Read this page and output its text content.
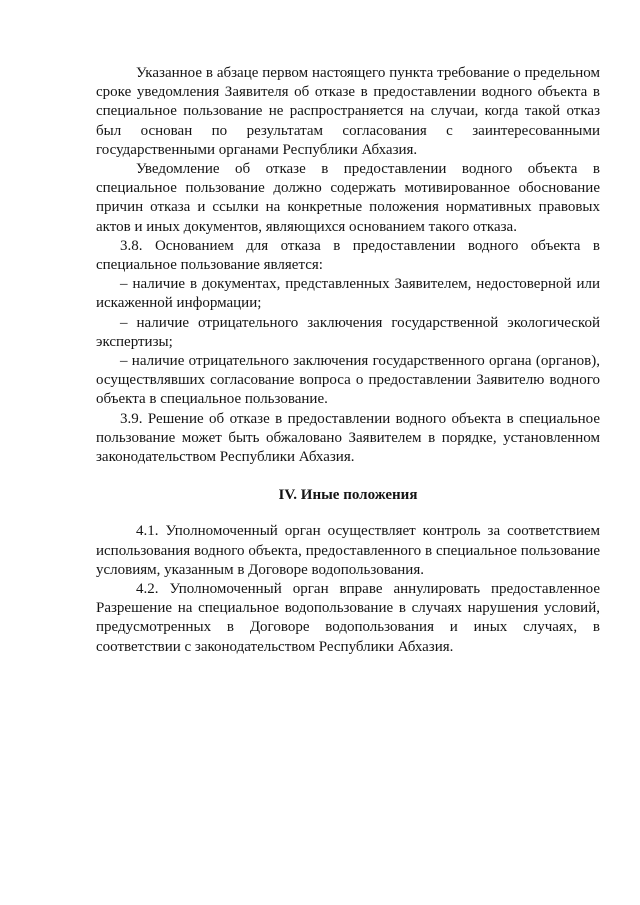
Указанное в абзаце первом настоящего пункта требование о предельном сроке уведомления Заявителя об отказе в предоставлении водного объекта в специальное пользование не распространяется на случаи, когда такой отказ был основан по результатам согласования с заинтересованными государственными органами Республики Абхазия.

Уведомление об отказе в предоставлении водного объекта в специальное пользование должно содержать мотивированное обоснование причин отказа и ссылки на конкретные положения нормативных правовых актов и иных документов, являющихся основанием такого отказа.

3.8. Основанием для отказа в предоставлении водного объекта в специальное пользование является:

– наличие в документах, представленных Заявителем, недостоверной или искаженной информации;

– наличие отрицательного заключения государственной экологической экспертизы;

– наличие отрицательного заключения государственного органа (органов), осуществлявших согласование вопроса о предоставлении Заявителю водного объекта в специальное пользование.

3.9. Решение об отказе в предоставлении водного объекта в специальное пользование может быть обжаловано Заявителем в порядке, установленном законодательством Республики Абхазия.

IV. Иные положения

4.1. Уполномоченный орган осуществляет контроль за соответствием использования водного объекта, предоставленного в специальное пользование условиям, указанным в Договоре водопользования.

4.2. Уполномоченный орган вправе аннулировать предоставленное Разрешение на специальное водопользование в случаях нарушения условий, предусмотренных в Договоре водопользования и иных случаях, в соответствии с законодательством Республики Абхазия.
